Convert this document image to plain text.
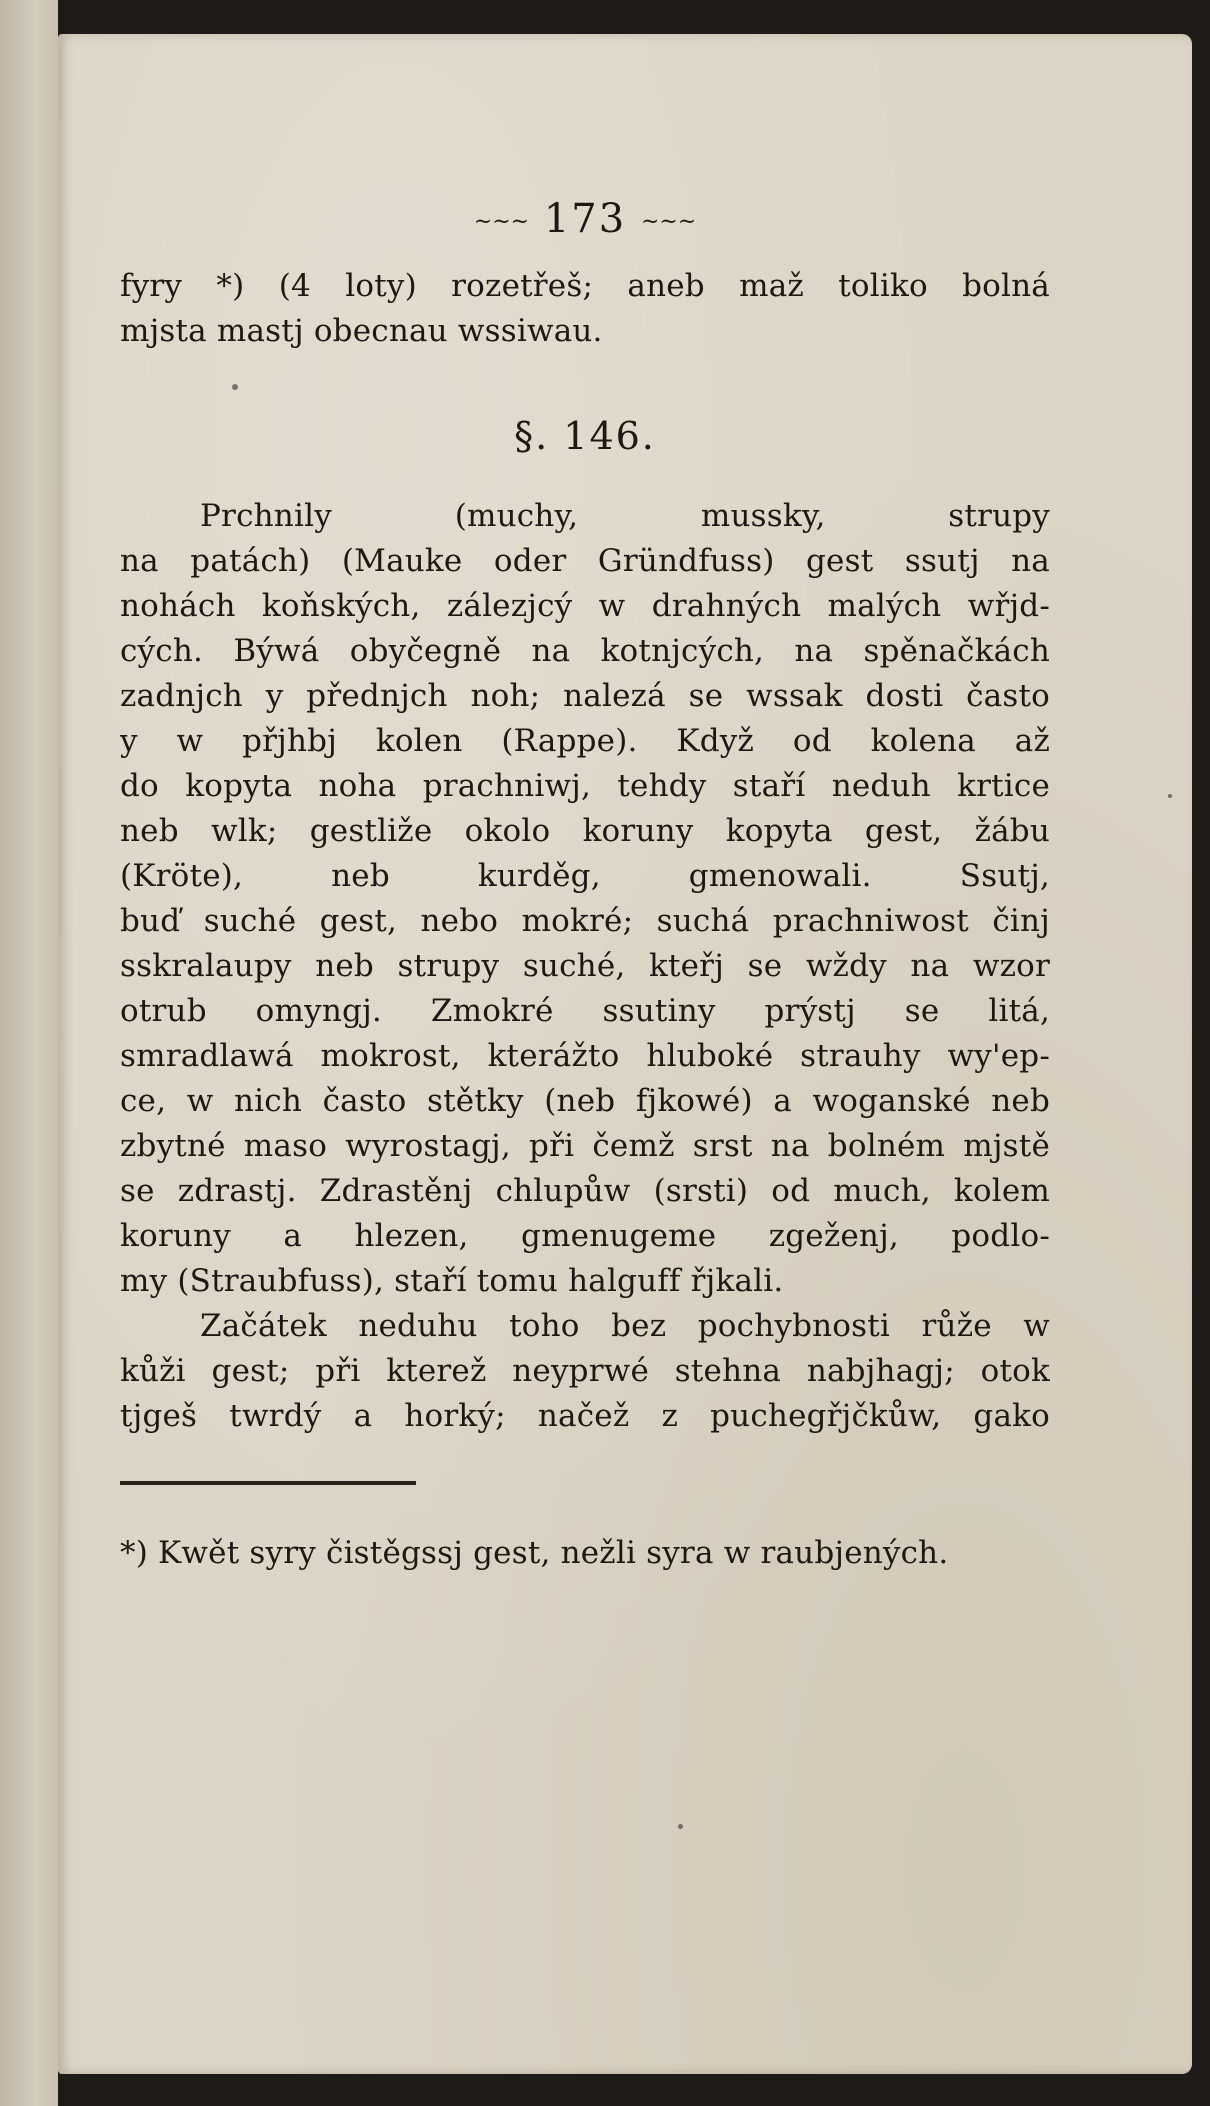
~~~ 173 ~~~
fyry *) (4 loty) rozetřeš; aneb maž toliko bolná
mjsta mastj obecnau wssiwau.
§. 146.
Prchnily (muchy, mussky, strupy
na patách) (Mauke oder Gründfuss) gest ssutj na
nohách koňských, zálezjcý w drahných malých wřjd-
cých. Býwá obyčegně na kotnjcých, na spěnačkách
zadnjch y přednjch noh; nalezá se wssak dosti často
y w přjhbj kolen (Rappe). Když od kolena až
do kopyta noha prachniwj, tehdy staří neduh krtice
neb wlk; gestliže okolo koruny kopyta gest, žábu
(Kröte), neb kurděg, gmenowali. Ssutj,
buď suché gest, nebo mokré; suchá prachniwost činj
sskralaupy neb strupy suché, kteřj se wždy na wzor
otrub omyngj. Zmokré ssutiny prýstj se litá,
smradlawá mokrost, kterážto hluboké strauhy wy'ep-
ce, w nich často stětky (neb fjkowé) a woganské neb
zbytné maso wyrostagj, při čemž srst na bolném mjstě
se zdrastj. Zdrastěnj chlupůw (srsti) od much, kolem
koruny a hlezen, gmenugeme zgeženj, podlo-
my (Straubfuss), staří tomu halguff řjkali.
Začátek neduhu toho bez pochybnosti růže w
kůži gest; při kterež neyprwé stehna nabjhagj; otok
tjgeš twrdý a horký; načež z puchegřjčkůw, gako
*) Kwět syry čistěgssj gest, nežli syra w raubjených.
